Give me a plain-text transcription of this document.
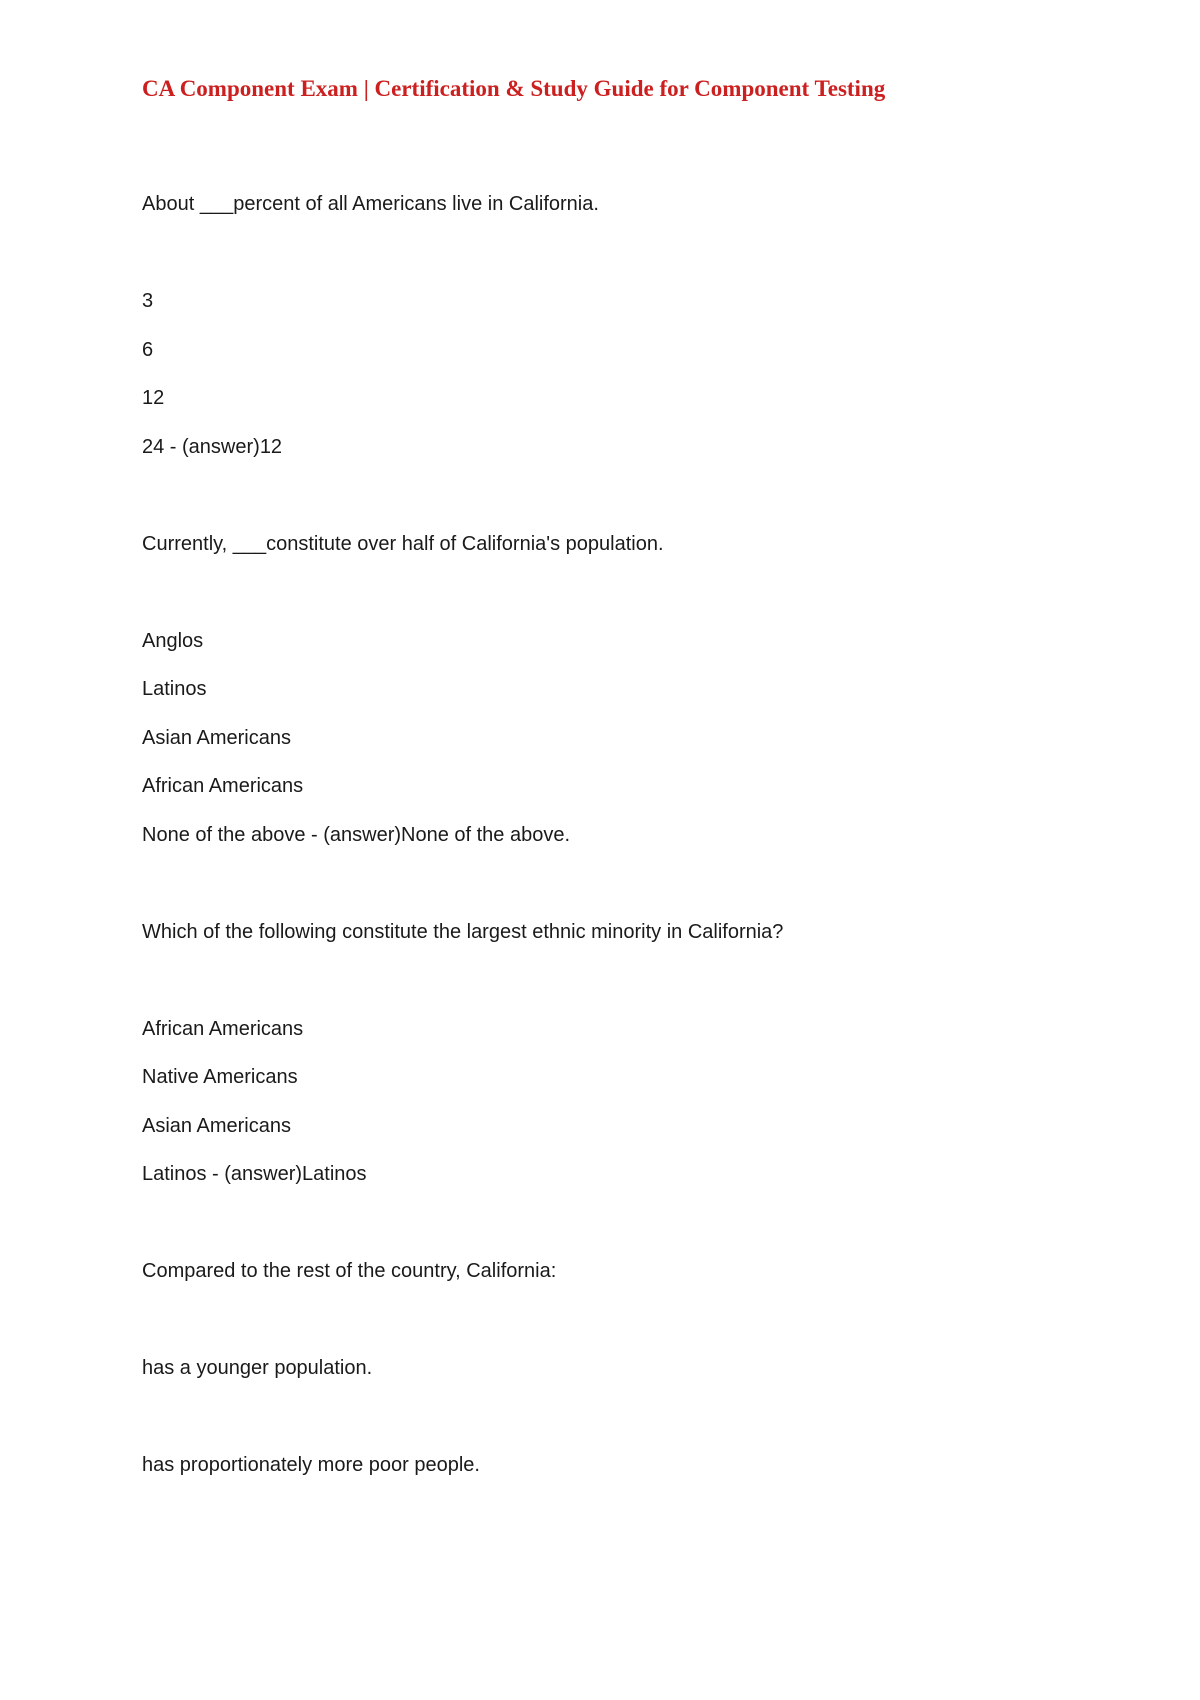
CA Component Exam | Certification & Study Guide for Component Testing

About ___percent of all Americans live in California.

3

6

12

24 - (answer)12

Currently, ___constitute over half of California's population.

Anglos

Latinos

Asian Americans

African Americans

None of the above - (answer)None of the above.

Which of the following constitute the largest ethnic minority in California?

African Americans

Native Americans

Asian Americans

Latinos - (answer)Latinos

Compared to the rest of the country, California:

has a younger population.

has proportionately more poor people.
